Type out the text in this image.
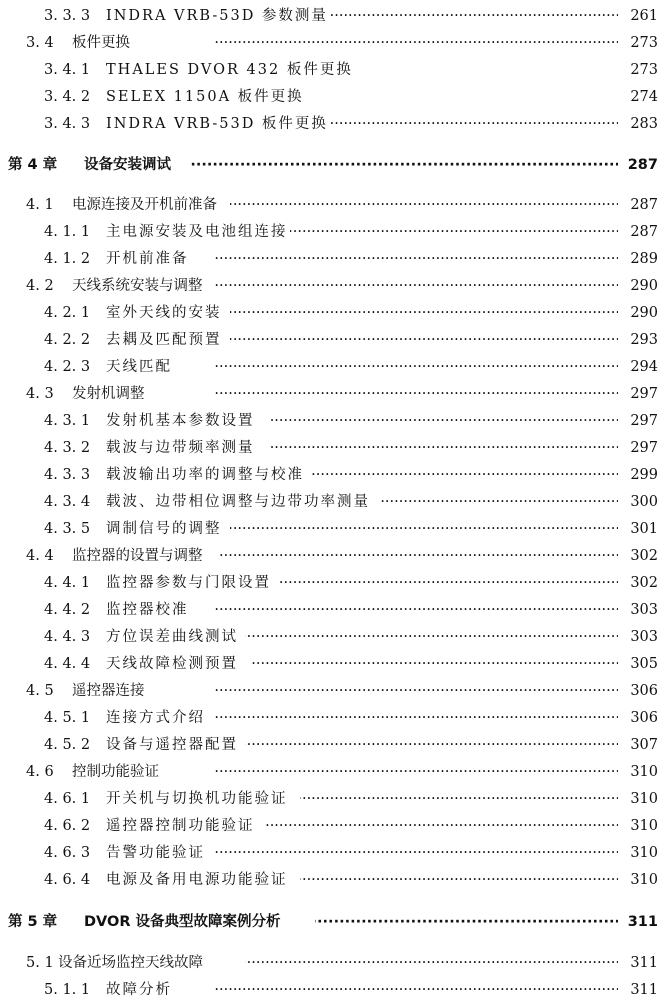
3. 3. 3 ····· INDRA VRB-53D 参数测量	261
3. 4 ····· 板件更换	273
3. 4. 1 THALES DVOR 432 板件更换	273
3. 4. 2 SELEX 1150A 板件更换	274
3. 4. 3 ····· INDRA VRB-53D 板件更换	283
第 4 章 ····· 设备安装调试	287
4. 1 ····· 电源连接及开机前准备	287
4. 1. 1 ····· 主电源安装及电池组连接	287
4. 1. 2 ····· 开机前准备	289
4. 2 ····· 天线系统安装与调整	290
4. 2. 1 ····· 室外天线的安装	290
4. 2. 2 ····· 去耦及匹配预置	293
4. 2. 3 ····· 天线匹配	294
4. 3 ····· 发射机调整	297
4. 3. 1 ····· 发射机基本参数设置	297
4. 3. 2 ····· 载波与边带频率测量	297
4. 3. 3 ····· 载波输出功率的调整与校准	299
4. 3. 4 ····· 载波、边带相位调整与边带功率测量	300
4. 3. 5 ····· 调制信号的调整	301
4. 4 ····· 监控器的设置与调整	302
4. 4. 1 ····· 监控器参数与门限设置	302
4. 4. 2 ····· 监控器校准	303
4. 4. 3 ····· 方位误差曲线测试	303
4. 4. 4 ····· 天线故障检测预置	305
4. 5 ····· 遥控器连接	306
4. 5. 1 ····· 连接方式介绍	306
4. 5. 2 ····· 设备与遥控器配置	307
4. 6 ····· 控制功能验证	310
4. 6. 1 ····· 开关机与切换机功能验证	310
4. 6. 2 ····· 遥控器控制功能验证	310
4. 6. 3 ····· 告警功能验证	310
4. 6. 4 ····· 电源及备用电源功能验证	310
第 5 章 ····· DVOR 设备典型故障案例分析	311
5. 1 ····· 设备近场监控天线故障	311
5. 1. 1 ····· 故障分析	311
